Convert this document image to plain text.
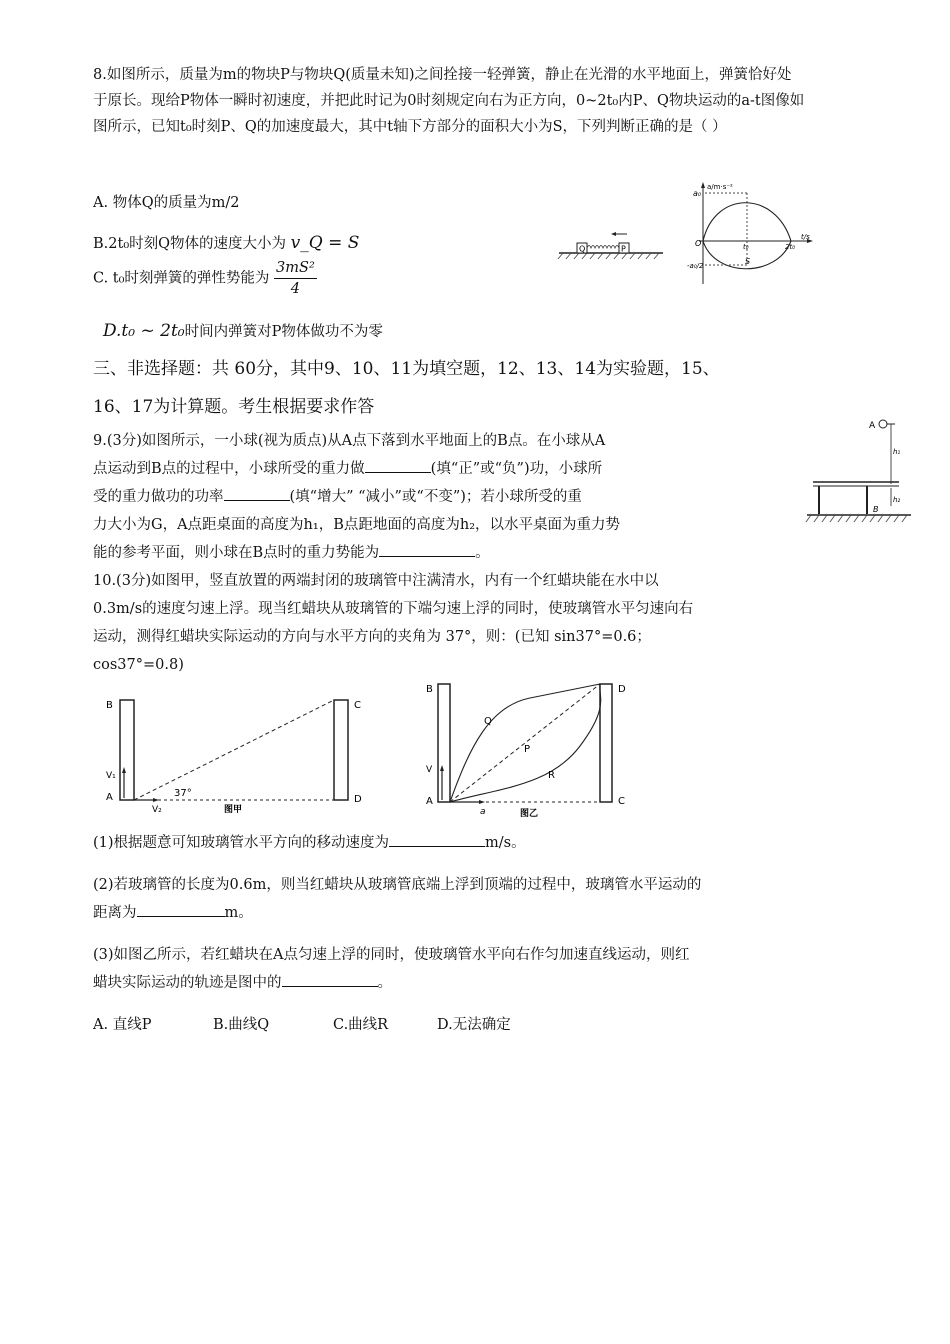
8.如图所示，质量为m的物块P与物块Q(质量未知)之间拴接一轻弹簧，静止在光滑的水平地面上，弹簧恰好处于原长。现给P物体一瞬时初速度，并把此时记为0时刻规定向右为正方向，0~2t₀内P、Q物块运动的a-t图像如图所示，已知t₀时刻P、Q的加速度最大，其中t轴下方部分的面积大小为S，下列判断正确的是（ ）

A. 物体Q的质量为m/2

B.2t₀时刻Q物体的速度大小为 v_Q = S

C. t₀时刻弹簧的弹性势能为 $\frac{\text{3mS²}}{4}$

D.t₀ ~ 2t₀时间内弹簧对P物体做功不为零

Q	P
a/m·s⁻²
a₀
O
-a₀/2
t₀	2t₀
t/s
S

三、非选择题：共 60分，其中9、10、11为填空题，12、13、14为实验题，15、

16、17为计算题。考生根据要求作答

9.(3分)如图所示，一小球(视为质点)从A点下落到水平地面上的B点。在小球从A

点运动到B点的过程中，小球所受的重力做	(填“正”或“负”)功，小球所

受的重力做功的功率	(填“增大” “减小”或“不变”)；若小球所受的重

力大小为G，A点距桌面的高度为h₁，B点距地面的高度为h₂，以水平桌面为重力势

能的参考平面，则小球在B点时的重力势能为	。

A
h₁
h₂
B

10.(3分)如图甲，竖直放置的两端封闭的玻璃管中注满清水，内有一个红蜡块能在水中以

0.3m/s的速度匀速上浮。现当红蜡块从玻璃管的下端匀速上浮的同时，使玻璃管水平匀速向右

运动，测得红蜡块实际运动的方向与水平方向的夹角为 37°，则：(已知 sin37°=0.6；

cos37°=0.8)

B	C
A	D
V₁
V₂
37°
图甲
B	D
A	C
V
a
Q
P
R
图乙

(1)根据题意可知玻璃管水平方向的移动速度为	m/s。

(2)若玻璃管的长度为0.6m，则当红蜡块从玻璃管底端上浮到顶端的过程中，玻璃管水平运动的

距离为	m。

(3)如图乙所示，若红蜡块在A点匀速上浮的同时，使玻璃管水平向右作匀加速直线运动，则红

蜡块实际运动的轨迹是图中的	。

A. 直线P	B.曲线Q	C.曲线R	D.无法确定
